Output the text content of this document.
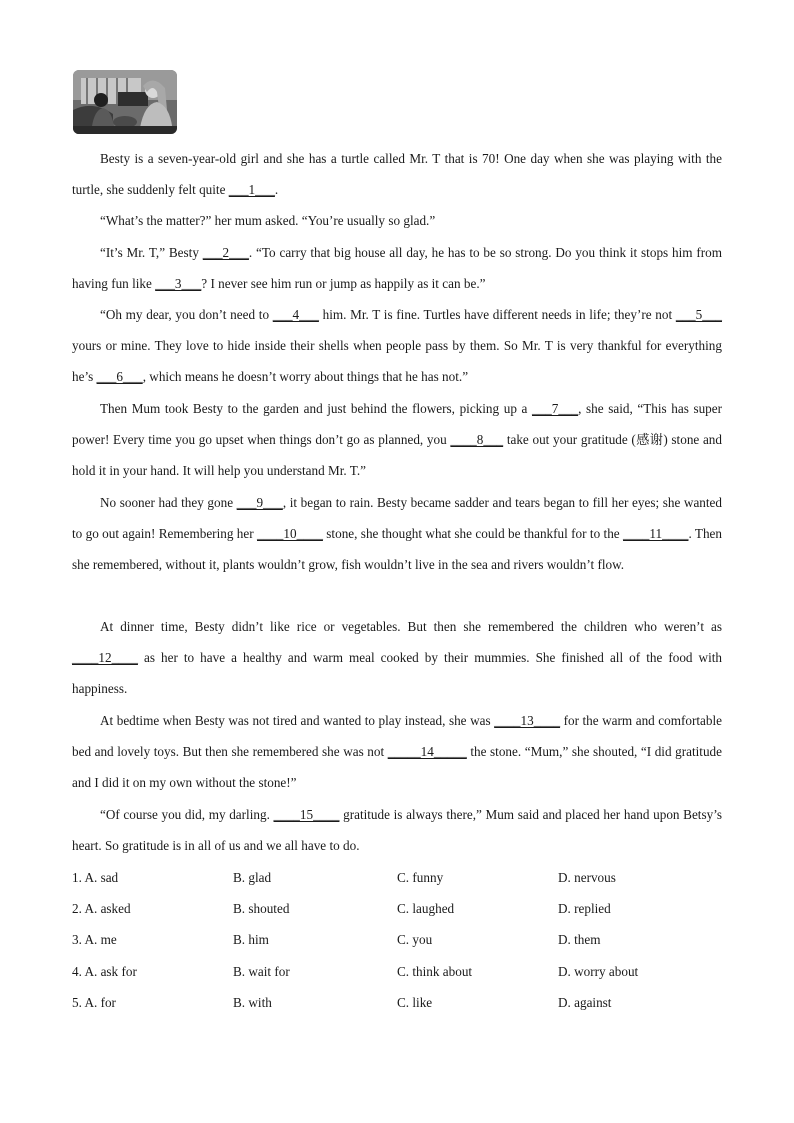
Besty is a seven-year-old girl and she has a turtle called Mr. T that is 70! One day when she was playing with the turtle, she suddenly felt quite ___1___.

“What’s the matter?” her mum asked. “You’re usually so glad.”

“It’s Mr. T,” Besty ___2___. “To carry that big house all day, he has to be so strong. Do you think it stops him from having fun like ___3___? I never see him run or jump as happily as it can be.”

“Oh my dear, you don’t need to ___4___ him. Mr. T is fine. Turtles have different needs in life; they’re not ___5___ yours or mine. They love to hide inside their shells when people pass by them. So Mr. T is very thankful for everything he’s ___6___, which means he doesn’t worry about things that he has not.”

Then Mum took Besty to the garden and just behind the flowers, picking up a ___7___, she said, “This has super power! Every time you go upset when things don’t go as planned, you ____8___ take out your gratitude (感谢) stone and hold it in your hand. It will help you understand Mr. T.”

No sooner had they gone ___9___, it began to rain. Besty became sadder and tears began to fill her eyes; she wanted to go out again! Remembering her ____10____ stone, she thought what she could be thankful for to the ____11____. Then she remembered, without it, plants wouldn’t grow, fish wouldn’t live in the sea and rivers wouldn’t flow.

At dinner time, Besty didn’t like rice or vegetables. But then she remembered the children who weren’t as ____12____ as her to have a healthy and warm meal cooked by their mummies. She finished all of the food with happiness.

At bedtime when Besty was not tired and wanted to play instead, she was ____13____ for the warm and comfortable bed and lovely toys. But then she remembered she was not _____14_____ the stone. “Mum,” she shouted, “I did gratitude and I did it on my own without the stone!”

“Of course you did, my darling. ____15____ gratitude is always there,” Mum said and placed her hand upon Betsy’s heart. So gratitude is in all of us and we all have to do.

1. A. sad	B. glad	C. funny	D. nervous
2. A. asked	B. shouted	C. laughed	D. replied
3. A. me	B. him	C. you	D. them
4. A. ask for	B. wait for	C. think about	D. worry about
5. A. for	B. with	C. like	D. against
